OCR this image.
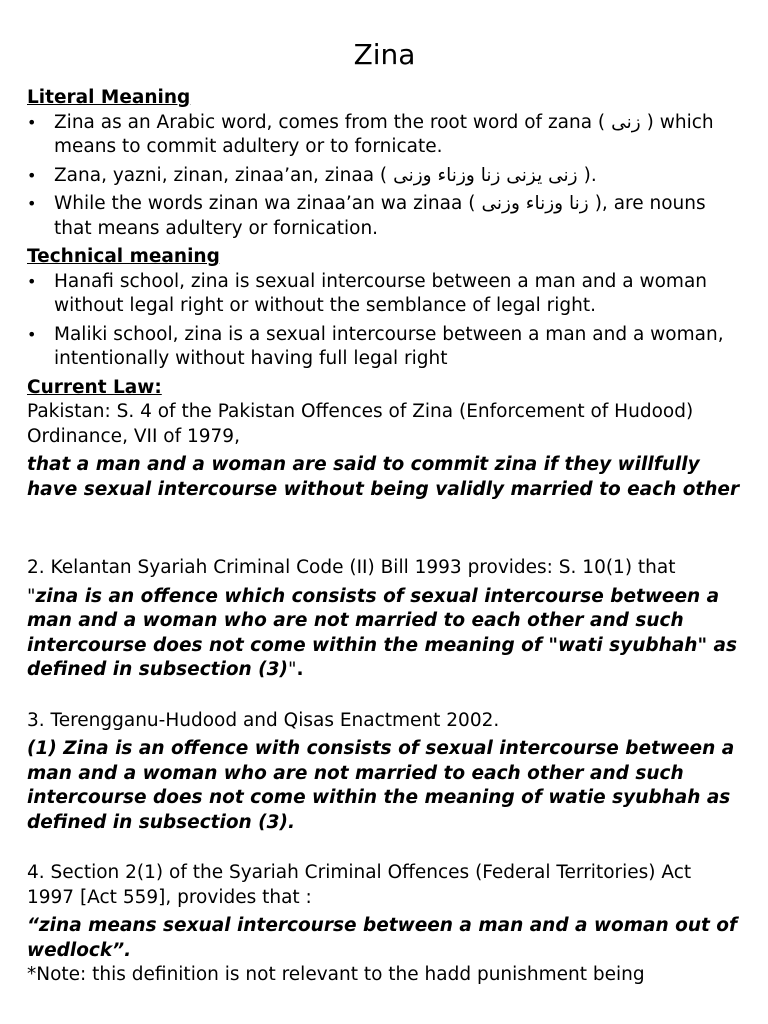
Zina

Literal Meaning

• Zina as an Arabic word, comes from the root word of zana ( زنى ) which means to commit adultery or to fornicate.
• Zana, yazni, zinan, zinaa’an, zinaa ( زنى يزنى زنا وزناء وزنى ).
• While the words zinan wa zinaa’an wa zinaa ( زنا وزناء وزنى ), are nouns that means adultery or fornication.

Technical meaning

• Hanafi school, zina is sexual intercourse between a man and a woman without legal right or without the semblance of legal right.
• Maliki school, zina is a sexual intercourse between a man and a woman, intentionally without having full legal right

Current Law:

Pakistan: S. 4 of the Pakistan Offences of Zina (Enforcement of Hudood) Ordinance, VII of 1979,

that a man and a woman are said to commit zina if they willfully have sexual intercourse without being validly married to each other

2. Kelantan Syariah Criminal Code (II) Bill 1993 provides: S. 10(1) that

"zina is an offence which consists of sexual intercourse between a man and a woman who are not married to each other and such intercourse does not come within the meaning of "wati syubhah" as defined in subsection (3)".

3. Terengganu-Hudood and Qisas Enactment 2002.

(1) Zina is an offence with consists of sexual intercourse between a man and a woman who are not married to each other and such intercourse does not come within the meaning of watie syubhah as defined in subsection (3).

4. Section 2(1) of the Syariah Criminal Offences (Federal Territories) Act 1997 [Act 559], provides that :

“zina means sexual intercourse between a man and a woman out of wedlock”.

*Note: this definition is not relevant to the hadd punishment being
